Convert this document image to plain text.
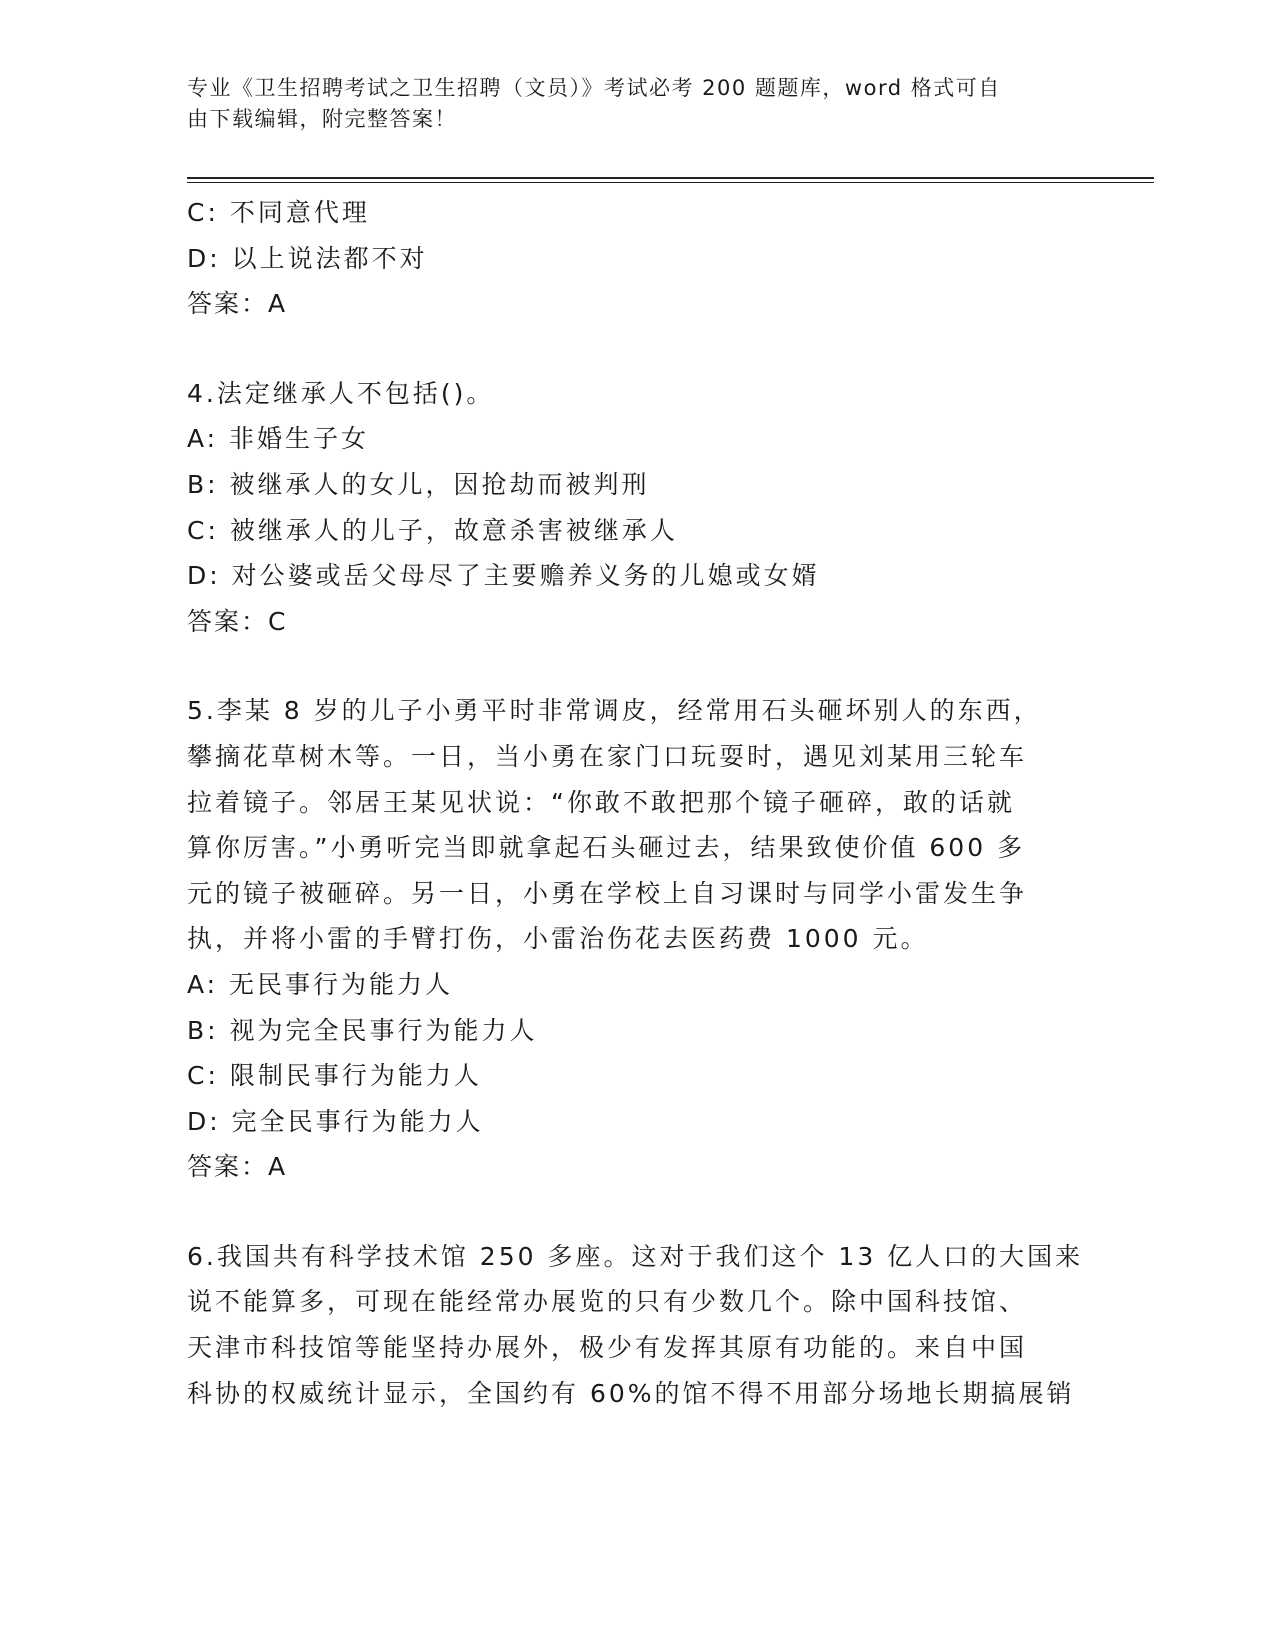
专业《卫生招聘考试之卫生招聘（文员）》考试必考 200 题题库，word 格式可自
由下载编辑，附完整答案！
C: 不同意代理
D: 以上说法都不对
答案：A
4.法定继承人不包括()。
A: 非婚生子女
B: 被继承人的女儿，因抢劫而被判刑
C: 被继承人的儿子，故意杀害被继承人
D: 对公婆或岳父母尽了主要赡养义务的儿媳或女婿
答案：C
5.李某 8 岁的儿子小勇平时非常调皮，经常用石头砸坏别人的东西，
攀摘花草树木等。一日，当小勇在家门口玩耍时，遇见刘某用三轮车
拉着镜子。邻居王某见状说：“你敢不敢把那个镜子砸碎，敢的话就
算你厉害。”小勇听完当即就拿起石头砸过去，结果致使价值 600 多
元的镜子被砸碎。另一日，小勇在学校上自习课时与同学小雷发生争
执，并将小雷的手臂打伤，小雷治伤花去医药费 1000 元。
A: 无民事行为能力人
B: 视为完全民事行为能力人
C: 限制民事行为能力人
D: 完全民事行为能力人
答案：A
6.我国共有科学技术馆 250 多座。这对于我们这个 13 亿人口的大国来
说不能算多，可现在能经常办展览的只有少数几个。除中国科技馆、
天津市科技馆等能坚持办展外，极少有发挥其原有功能的。来自中国
科协的权威统计显示，全国约有 60%的馆不得不用部分场地长期搞展销
